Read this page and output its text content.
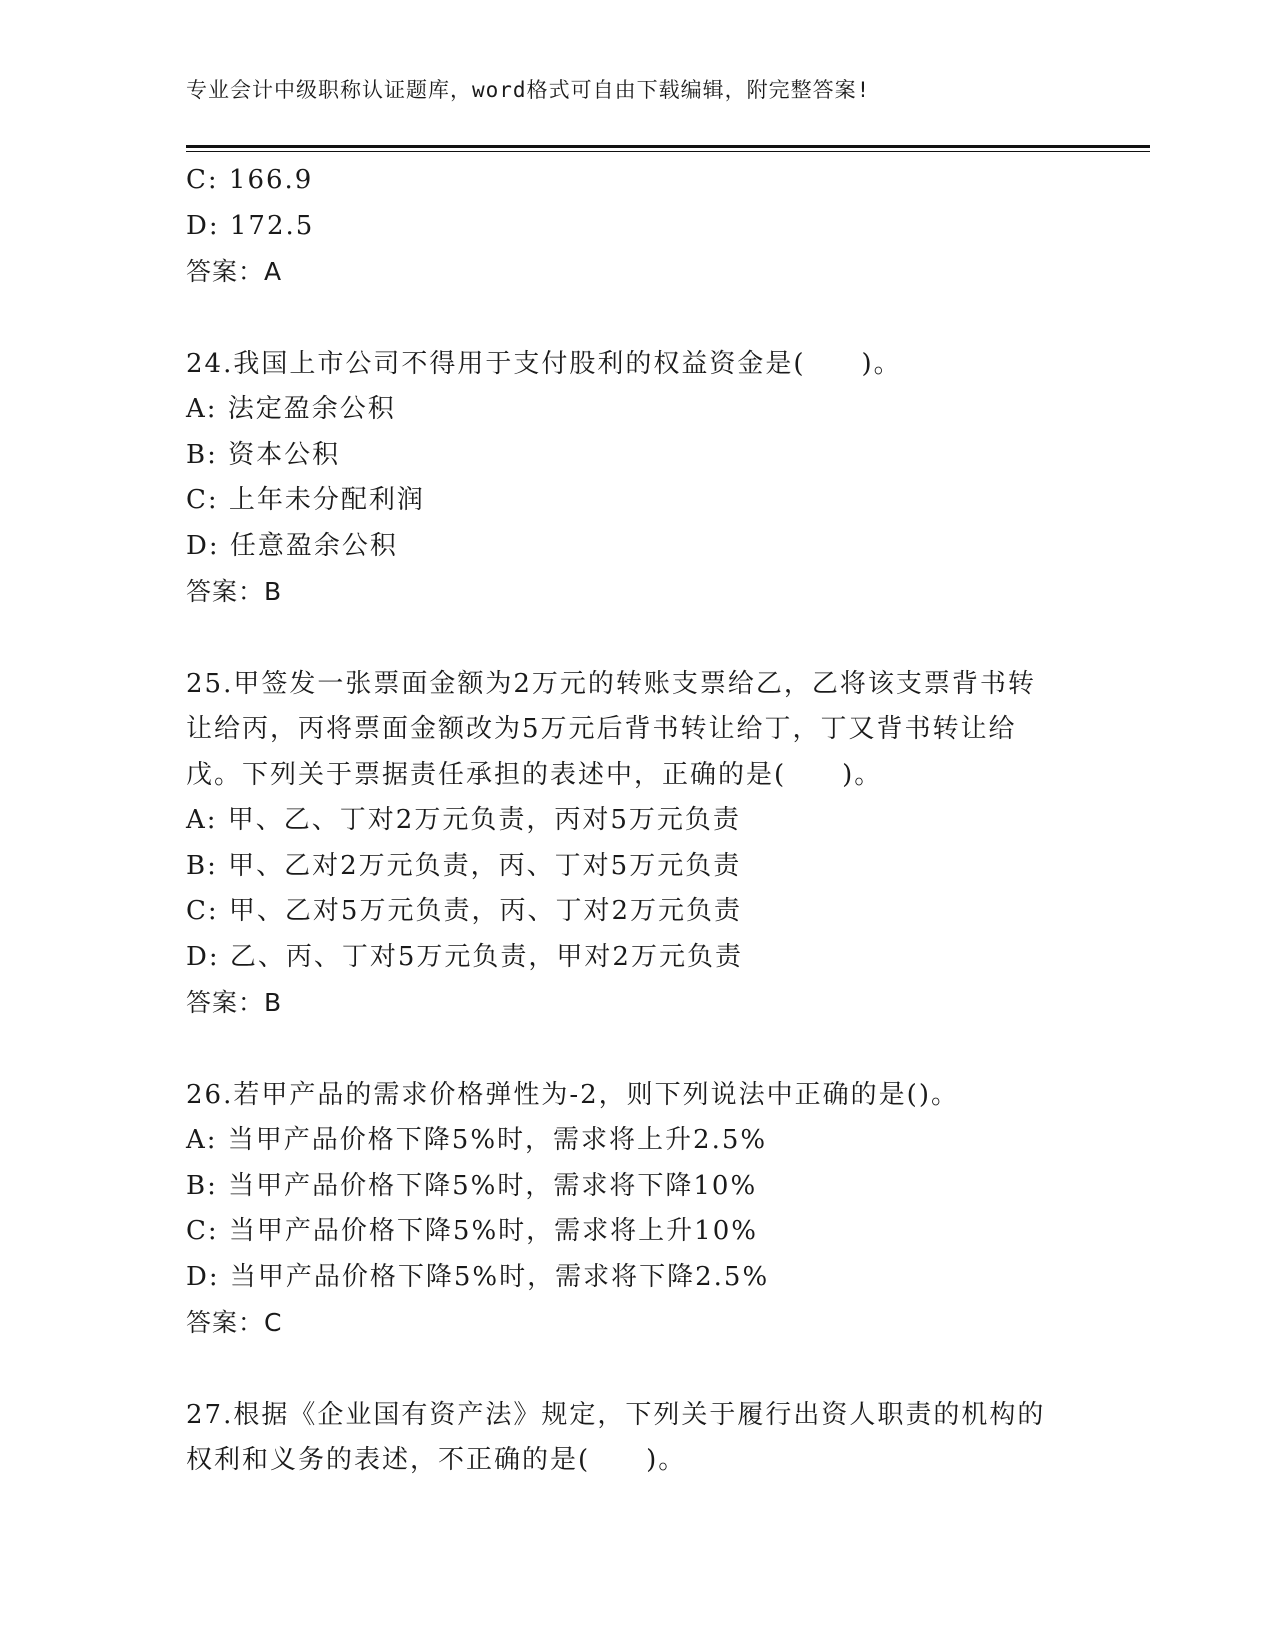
专业会计中级职称认证题库，word格式可自由下载编辑，附完整答案!
C: 166.9
D: 172.5
答案：A
24.我国上市公司不得用于支付股利的权益资金是(　　)。
A: 法定盈余公积
B: 资本公积
C: 上年未分配利润
D: 任意盈余公积
答案：B
25.甲签发一张票面金额为2万元的转账支票给乙，乙将该支票背书转
让给丙，丙将票面金额改为5万元后背书转让给丁，丁又背书转让给
戊。下列关于票据责任承担的表述中，正确的是(　　)。
A: 甲、乙、丁对2万元负责，丙对5万元负责
B: 甲、乙对2万元负责，丙、丁对5万元负责
C: 甲、乙对5万元负责，丙、丁对2万元负责
D: 乙、丙、丁对5万元负责，甲对2万元负责
答案：B
26.若甲产品的需求价格弹性为-2，则下列说法中正确的是()。
A: 当甲产品价格下降5%时，需求将上升2.5%
B: 当甲产品价格下降5%时，需求将下降10%
C: 当甲产品价格下降5%时，需求将上升10%
D: 当甲产品价格下降5%时，需求将下降2.5%
答案：C
27.根据《企业国有资产法》规定，下列关于履行出资人职责的机构的
权利和义务的表述，不正确的是(　　)。
